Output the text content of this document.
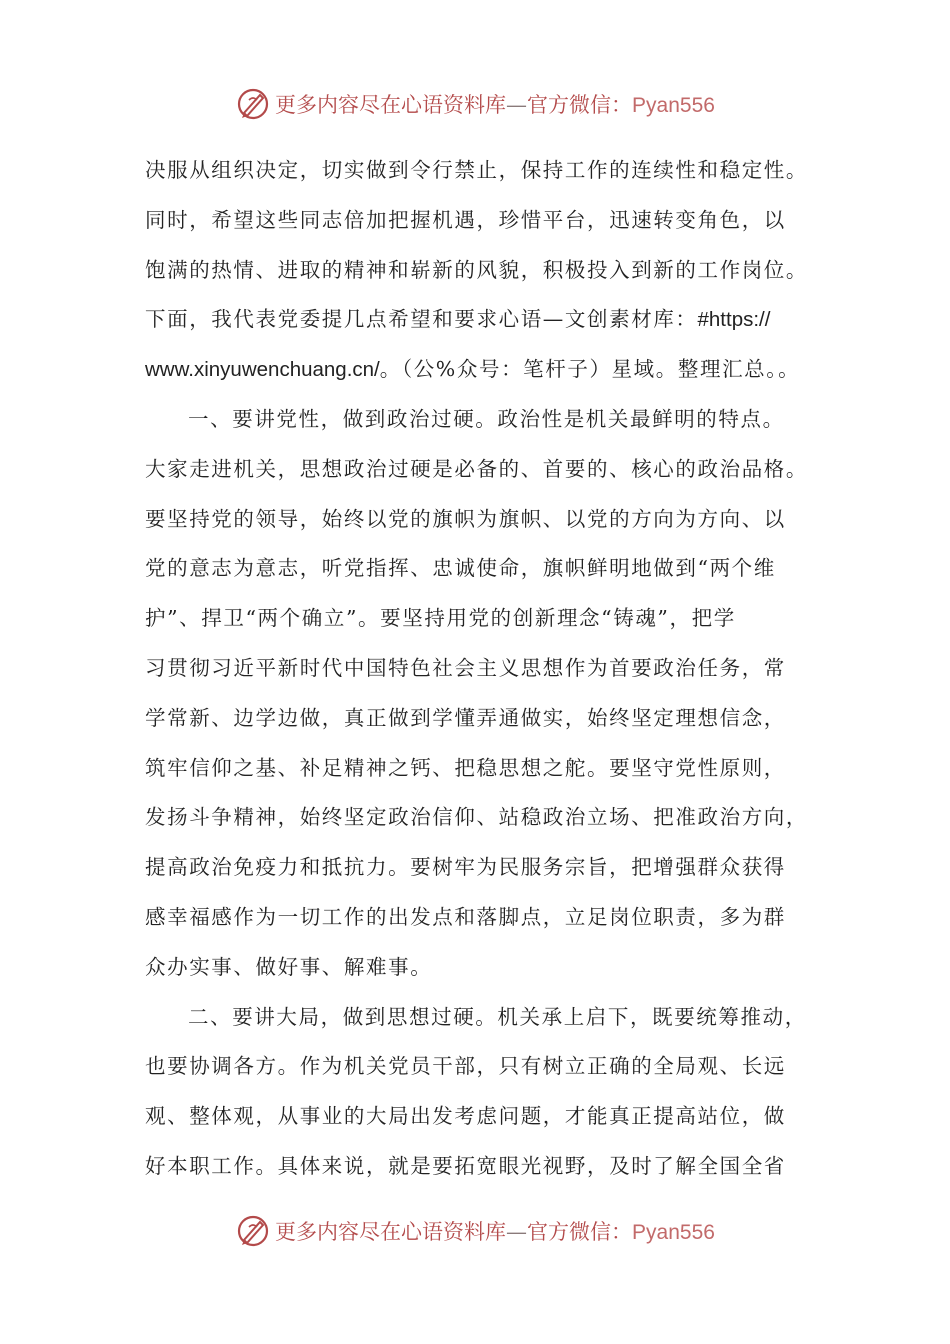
更多内容尽在心语资料库—官方微信：Pyan556
决服从组织决定，切实做到令行禁止，保持工作的连续性和稳定性。
同时，希望这些同志倍加把握机遇，珍惜平台，迅速转变角色，以
饱满的热情、进取的精神和崭新的风貌，积极投入到新的工作岗位。
下面，我代表党委提几点希望和要求心语—文创素材库：#https://
www.xinyuwenchuang.cn/。（公%众号：笔杆子）星域。整理汇总。。
一、要讲党性，做到政治过硬。政治性是机关最鲜明的特点。
大家走进机关，思想政治过硬是必备的、首要的、核心的政治品格。
要坚持党的领导，始终以党的旗帜为旗帜、以党的方向为方向、以
党的意志为意志，听党指挥、忠诚使命，旗帜鲜明地做到“两个维
护”、捍卫“两个确立”。要坚持用党的创新理念“铸魂”，把学
习贯彻习近平新时代中国特色社会主义思想作为首要政治任务，常
学常新、边学边做，真正做到学懂弄通做实，始终坚定理想信念，
筑牢信仰之基、补足精神之钙、把稳思想之舵。要坚守党性原则，
发扬斗争精神，始终坚定政治信仰、站稳政治立场、把准政治方向，
提高政治免疫力和抵抗力。要树牢为民服务宗旨，把增强群众获得
感幸福感作为一切工作的出发点和落脚点，立足岗位职责，多为群
众办实事、做好事、解难事。
二、要讲大局，做到思想过硬。机关承上启下，既要统筹推动，
也要协调各方。作为机关党员干部，只有树立正确的全局观、长远
观、整体观，从事业的大局出发考虑问题，才能真正提高站位，做
好本职工作。具体来说，就是要拓宽眼光视野，及时了解全国全省
更多内容尽在心语资料库—官方微信：Pyan556
